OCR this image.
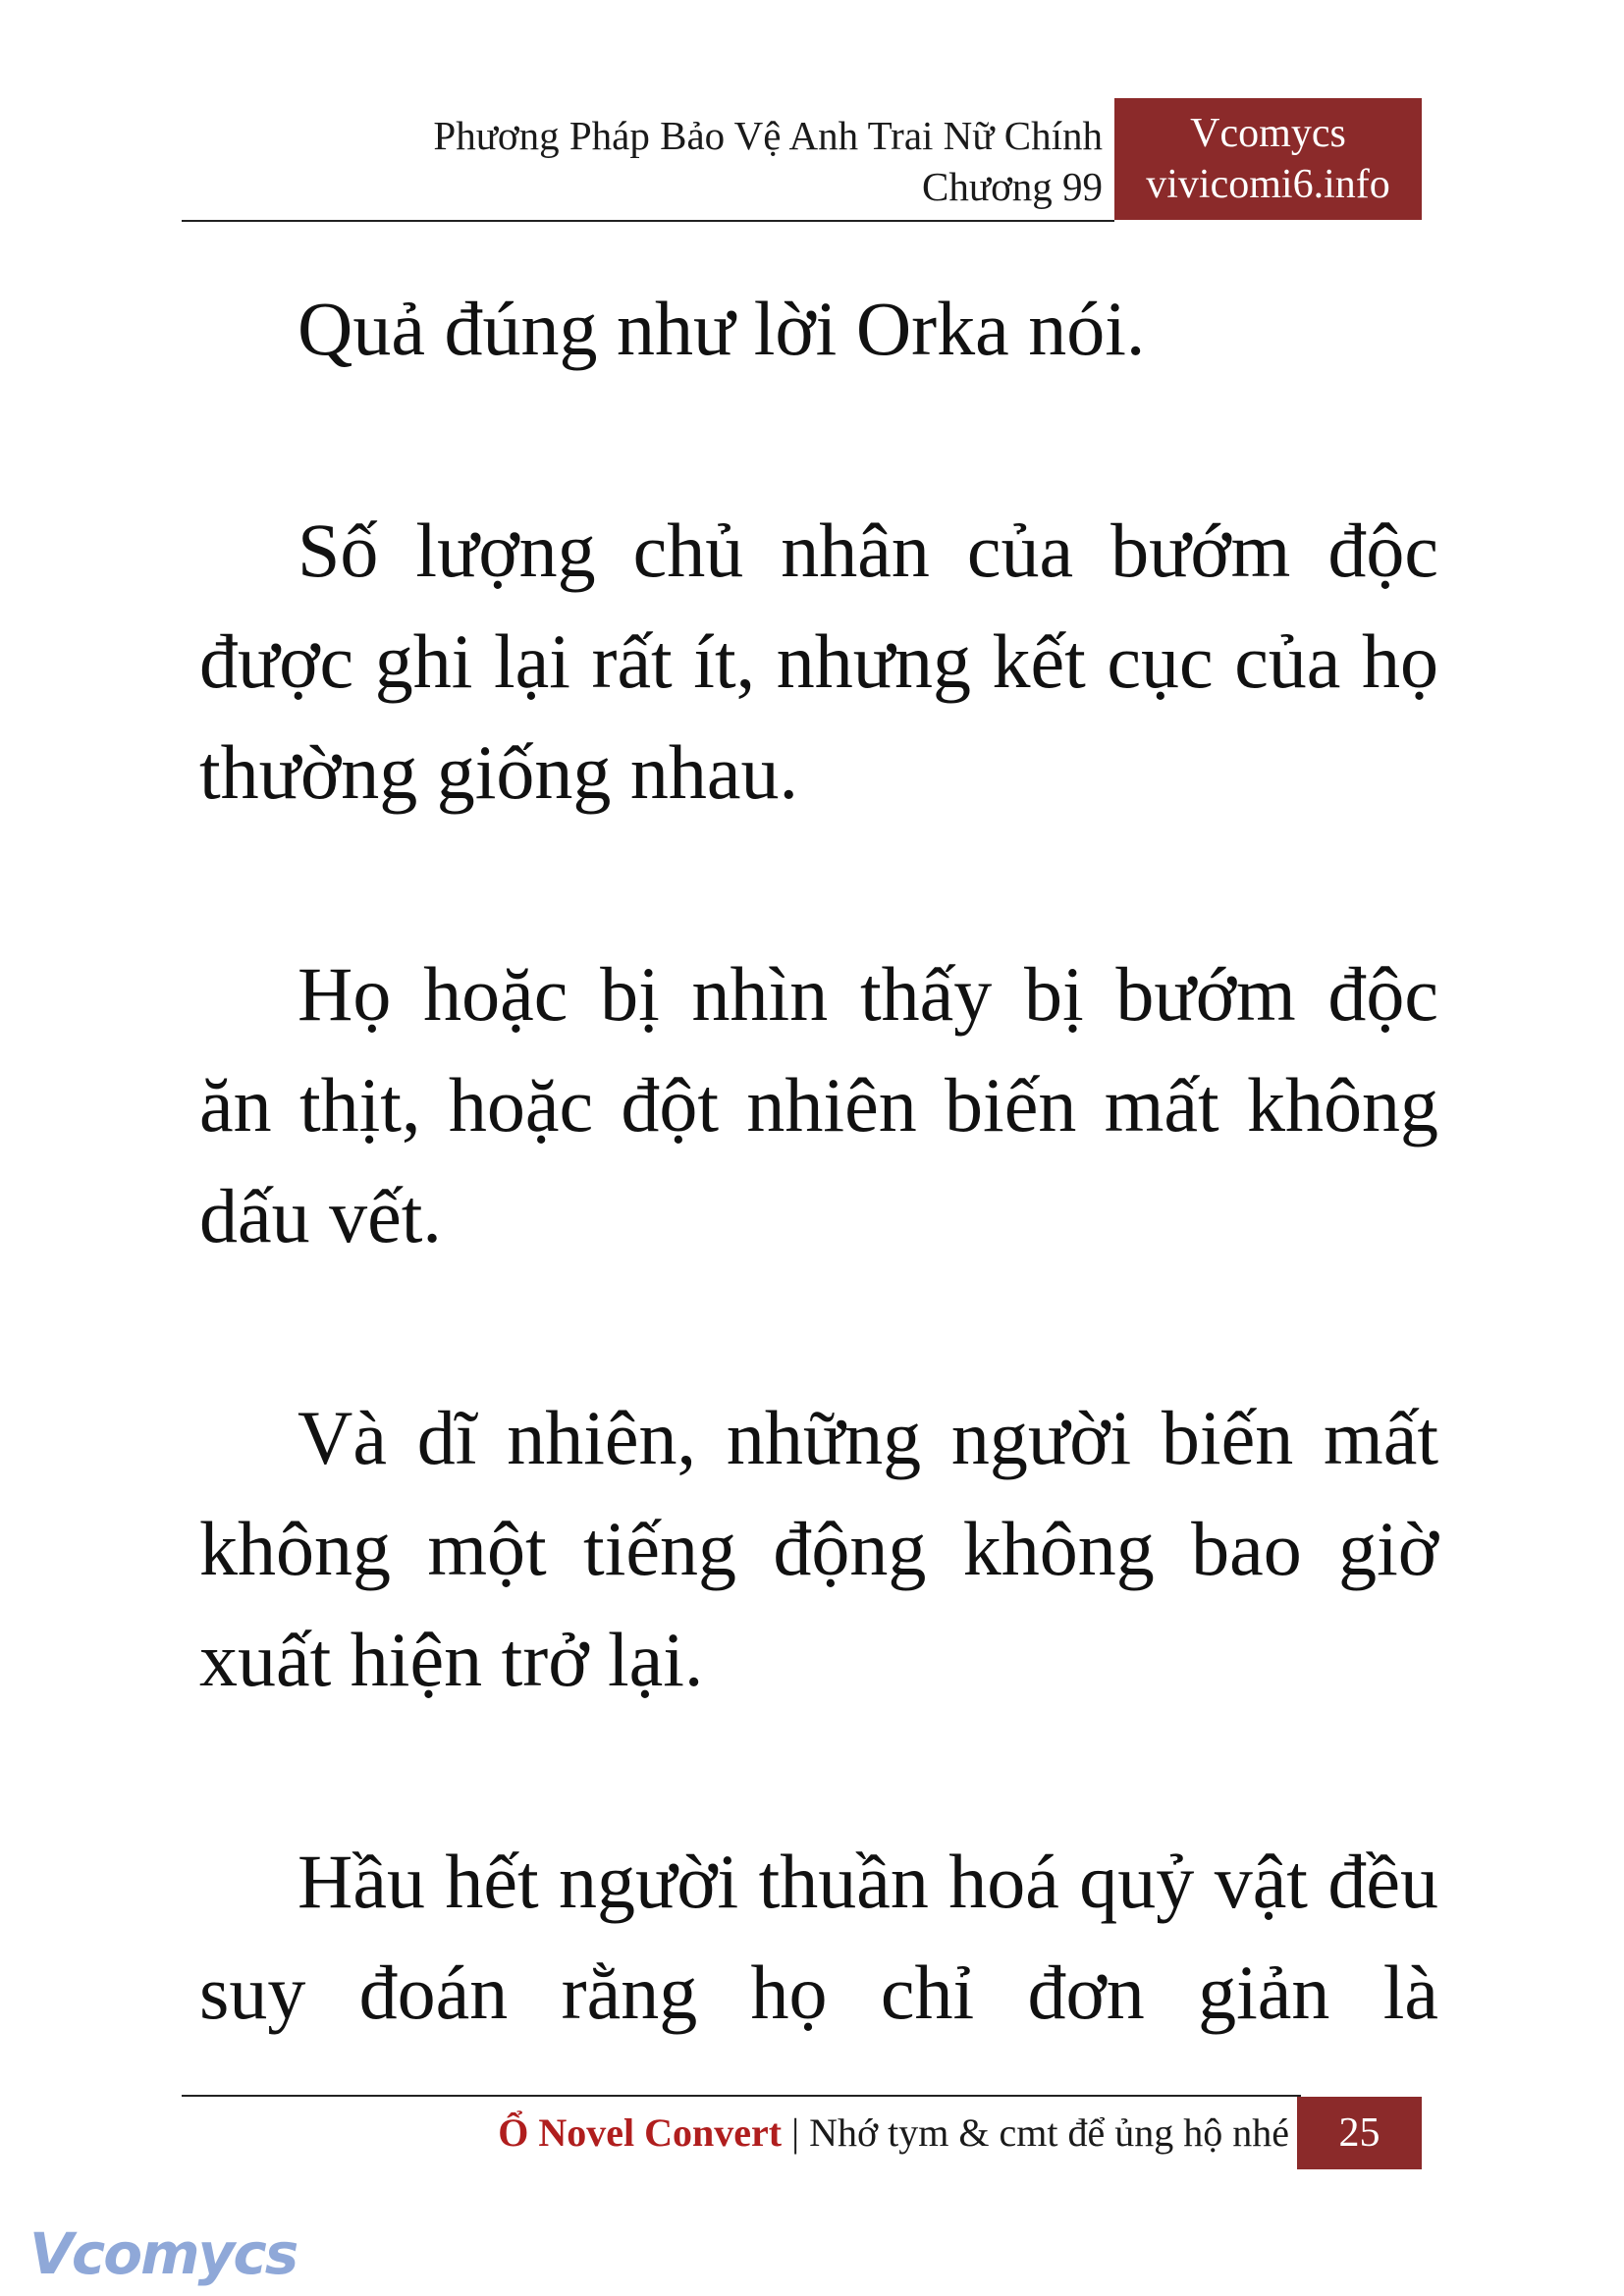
Phương Pháp Bảo Vệ Anh Trai Nữ Chính
Chương 99
Vcomycs
vivicomi6.info

Quả đúng như lời Orka nói.

Số lượng chủ nhân của bướm độc được ghi lại rất ít, nhưng kết cục của họ thường giống nhau.

Họ hoặc bị nhìn thấy bị bướm độc ăn thịt, hoặc đột nhiên biến mất không dấu vết.

Và dĩ nhiên, những người biến mất không một tiếng động không bao giờ xuất hiện trở lại.

Hầu hết người thuần hoá quỷ vật đều suy đoán rằng họ chỉ đơn giản là

Ổ Novel Convert | Nhớ tym & cmt để ủng hộ nhé	25
Vcomycs
